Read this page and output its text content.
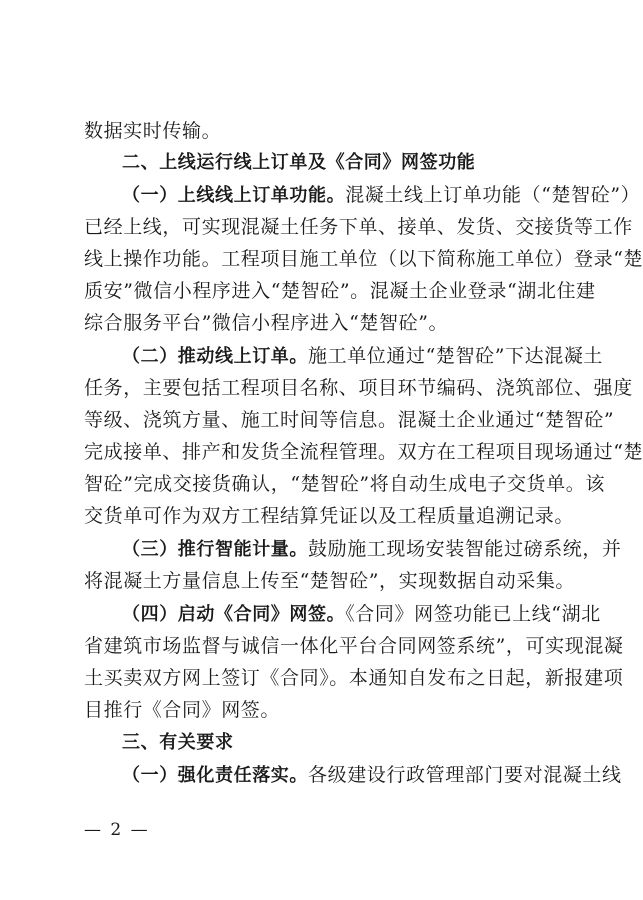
数据实时传输。
二、上线运行线上订单及《合同》网签功能
（一）上线线上订单功能。混凝土线上订单功能（“楚智砼”）
已经上线，可实现混凝土任务下单、接单、发货、交接货等工作
线上操作功能。工程项目施工单位（以下简称施工单位）登录“楚
质安”微信小程序进入“楚智砼”。混凝土企业登录“湖北住建
综合服务平台”微信小程序进入“楚智砼”。
（二）推动线上订单。施工单位通过“楚智砼”下达混凝土
任务，主要包括工程项目名称、项目环节编码、浇筑部位、强度
等级、浇筑方量、施工时间等信息。混凝土企业通过“楚智砼”
完成接单、排产和发货全流程管理。双方在工程项目现场通过“楚
智砼”完成交接货确认，“楚智砼”将自动生成电子交货单。该
交货单可作为双方工程结算凭证以及工程质量追溯记录。
（三）推行智能计量。鼓励施工现场安装智能过磅系统，并
将混凝土方量信息上传至“楚智砼”，实现数据自动采集。
（四）启动《合同》网签。《合同》网签功能已上线“湖北
省建筑市场监督与诚信一体化平台合同网签系统”，可实现混凝
土买卖双方网上签订《合同》。本通知自发布之日起，新报建项
目推行《合同》网签。
三、有关要求
（一）强化责任落实。各级建设行政管理部门要对混凝土线
— 2 —
